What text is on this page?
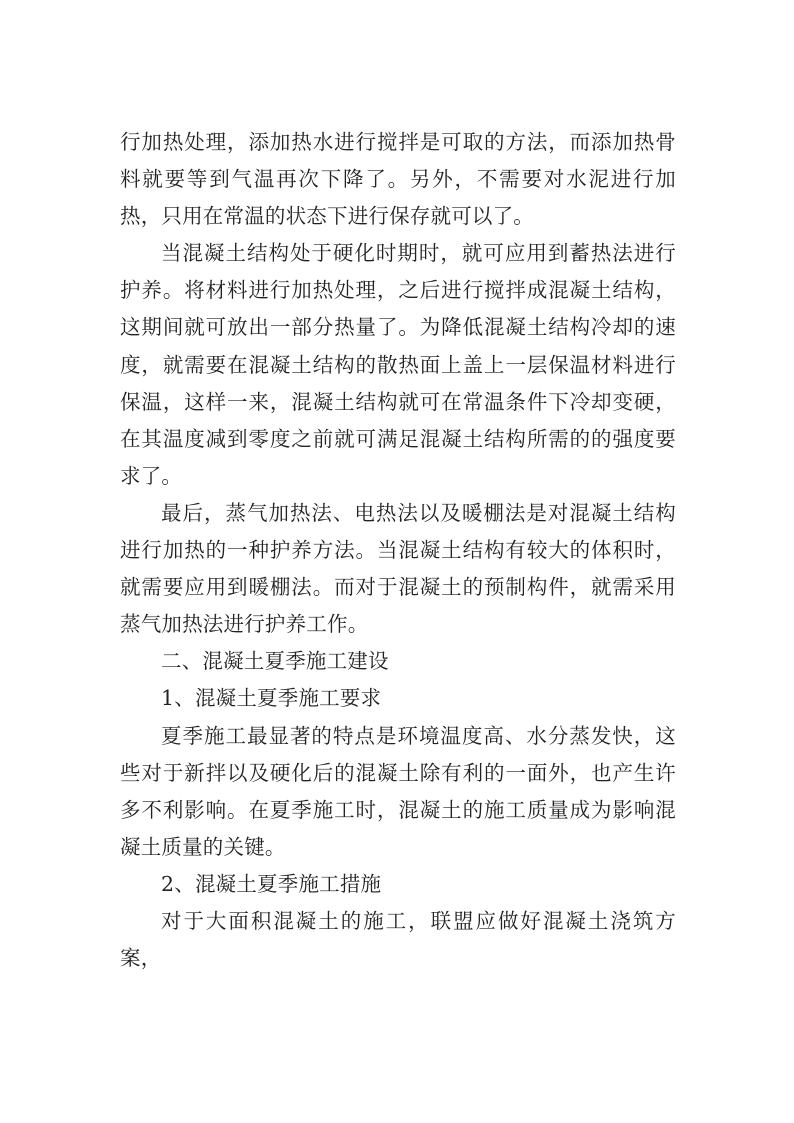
行加热处理，添加热水进行搅拌是可取的方法，而添加热骨料就要等到气温再次下降了。另外，不需要对水泥进行加热，只用在常温的状态下进行保存就可以了。

当混凝土结构处于硬化时期时，就可应用到蓄热法进行护养。将材料进行加热处理，之后进行搅拌成混凝土结构，这期间就可放出一部分热量了。为降低混凝土结构冷却的速度，就需要在混凝土结构的散热面上盖上一层保温材料进行保温，这样一来，混凝土结构就可在常温条件下冷却变硬，在其温度减到零度之前就可满足混凝土结构所需的的强度要求了。

最后，蒸气加热法、电热法以及暖棚法是对混凝土结构进行加热的一种护养方法。当混凝土结构有较大的体积时，就需要应用到暖棚法。而对于混凝土的预制构件，就需采用蒸气加热法进行护养工作。

二、混凝土夏季施工建设

1、混凝土夏季施工要求

夏季施工最显著的特点是环境温度高、水分蒸发快，这些对于新拌以及硬化后的混凝土除有利的一面外，也产生许多不利影响。在夏季施工时，混凝土的施工质量成为影响混凝土质量的关键。

2、混凝土夏季施工措施

对于大面积混凝土的施工，联盟应做好混凝土浇筑方案，
